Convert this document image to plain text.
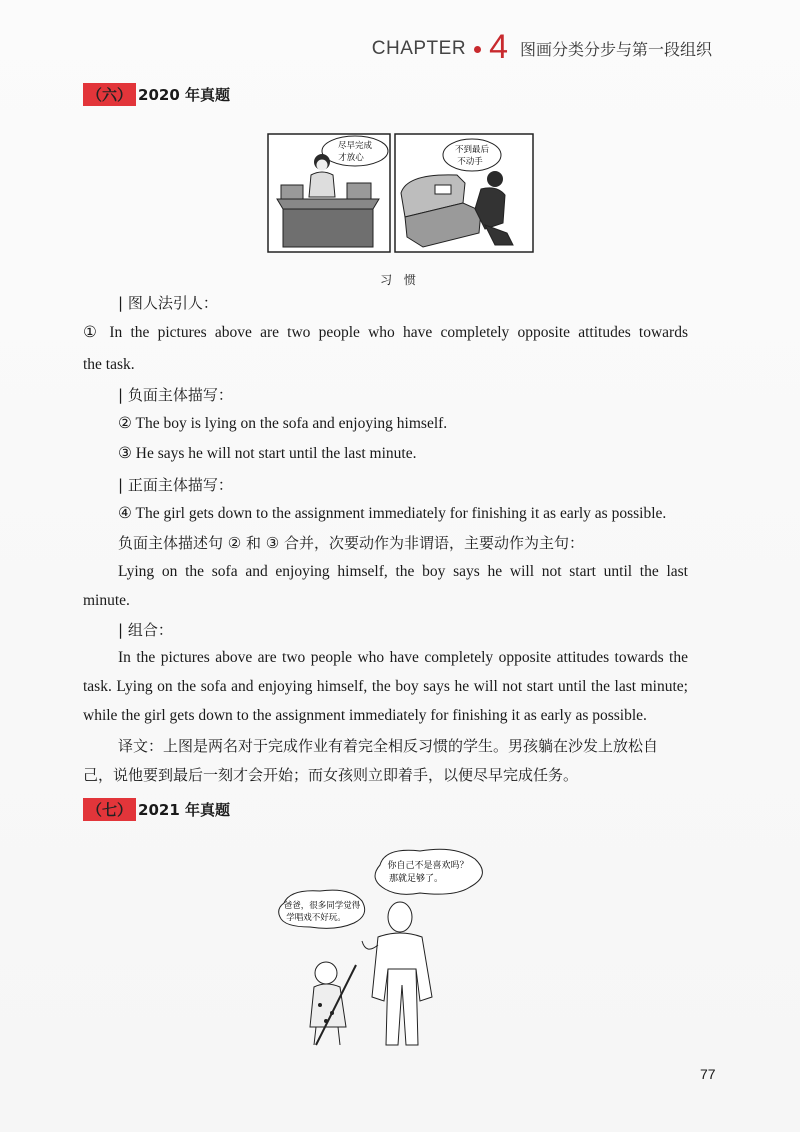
CHAPTER 4 图画分类分步与第一段组织
（六） 2020 年真题
尽早完成
才放心
不到最后
不动手
习 惯
| 图人法引人：
① In the pictures above are two people who have completely opposite attitudes towards
the task.
| 负面主体描写：
② The boy is lying on the sofa and enjoying himself.
③ He says he will not start until the last minute.
| 正面主体描写：
④ The girl gets down to the assignment immediately for finishing it as early as possible.
负面主体描述句 ② 和 ③ 合并，次要动作为非谓语，主要动作为主句：
Lying on the sofa and enjoying himself, the boy says he will not start until the last
minute.
| 组合：
In the pictures above are two people who have completely opposite attitudes towards the
task. Lying on the sofa and enjoying himself, the boy says he will not start until the last minute;
while the girl gets down to the assignment immediately for finishing it as early as possible.
译文：上图是两名对于完成作业有着完全相反习惯的学生。男孩躺在沙发上放松自
己，说他要到最后一刻才会开始；而女孩则立即着手，以便尽早完成任务。
（七） 2021 年真题
你自己不是喜欢吗？
那就足够了。
爸爸，很多同学觉得
学唱戏不好玩。
77
